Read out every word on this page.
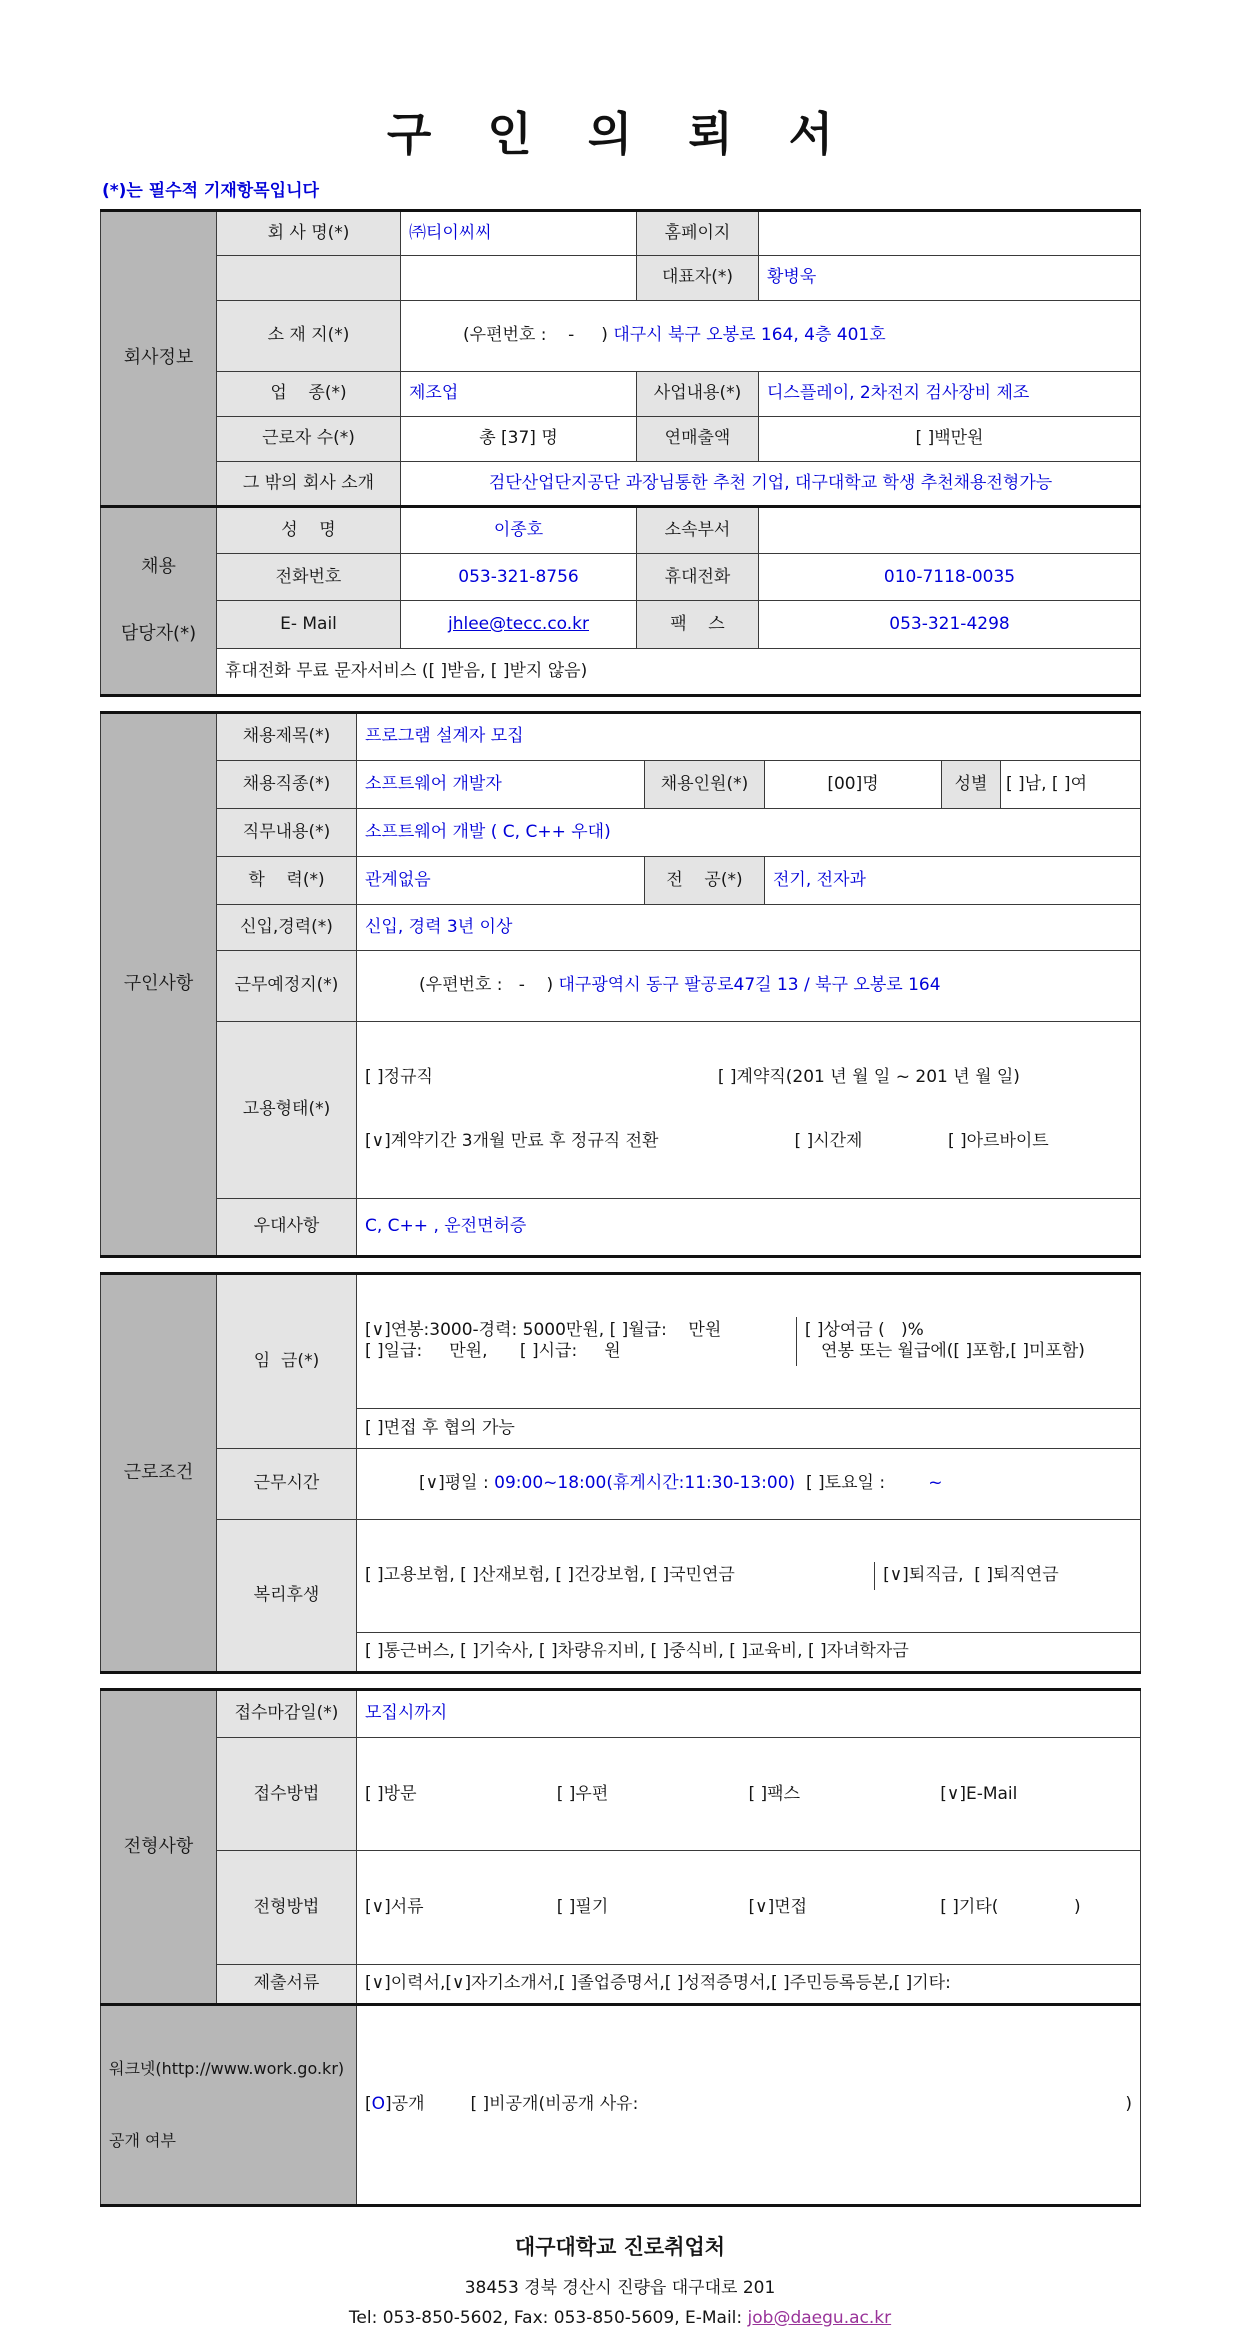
구 인 의 뢰 서
(*)는 필수적 기재항목입니다
회사정보	회 사 명(*)	㈜티이씨씨	홈페이지	
			대표자(*)	황병욱
	소 재 지(*)	(우편번호 :    -     ) 대구시 북구 오봉로 164, 4층 401호		

	업    종(*)	제조업	사업내용(*)	디스플레이, 2차전지 검사장비 제조
	근로자 수(*)	총 [37] 명	연매출액	[ ]백만원
	그 밖의 회사 소개	검단산업단지공단 과장님통한 추천 기업, 대구대학교 학생 추천채용전형가능		

채용

담당자(*)	성    명	이종호	소속부서	
	전화번호	053-321-8756	휴대전화	010-7118-0035
	E- Mail	jhlee@tecc.co.kr	팩    스	053-321-4298
	휴대전화 무료 문자서비스 ([ ]받음, [ ]받지 않음)			
구인사항	채용제목(*)	프로그램 설계자 모집				
	채용직종(*)	소프트웨어 개발자	채용인원(*)	[00]명	성별	[ ]남, [ ]여
	직무내용(*)	소프트웨어 개발 ( C, C++ 우대)				
	학    력(*)	관계없음	전    공(*)	전기, 전자과		
	신입,경력(*)	신입, 경력 3년 이상				
	근무예정지(*)	(우편번호 :   -    ) 대구광역시 동구 팔공로47길 13 / 북구 오봉로 164				

	고용형태(*)	[ ]정규직 [ ]계약직(201 년 월 일 ~ 201 년 월 일)

[∨]계약기간 3개월 만료 후 정규직 전환 [ ]시간제 [ ]아르바이트				

	우대사항	C, C++ , 운전면허증				
근로조건	임  금(*)	[∨]연봉:3000-경력: 5000만원, [ ]월급:    만원
[ ]일급:     만원,      [ ]시급:     원
[ ]상여금 (   )%
연봉 또는 월급에([ ]포함,[ ]미포함)

		[ ]면접 후 협의 가능
	근무시간	[∨]평일 : 09:00~18:00(휴게시간:11:30-13:00)  [ ]토요일 :        ~

	복리후생	[ ]고용보험, [ ]산재보험, [ ]건강보험, [ ]국민연금 [∨]퇴직금,  [ ]퇴직연금

		[ ]통근버스, [ ]기숙사, [ ]차량유지비, [ ]중식비, [ ]교육비, [ ]자녀학자금
전형사항	접수마감일(*)	모집시까지
	접수방법	[ ]방문 [ ]우편 [ ]팩스 [∨]E-Mail

	전형방법	[∨]서류 [ ]필기 [∨]면접 [ ]기타(              )

	제출서류	[∨]이력서,[∨]자기소개서,[ ]졸업증명서,[ ]성적증명서,[ ]주민등록등본,[ ]기타:

워크넷(http://www.work.go.kr)

공개 여부

[O]공개	[ ]비공개(비공개 사유:	)

대구대학교 진로취업처
38453 경북 경산시 진량읍 대구대로 201
Tel: 053-850-5602, Fax: 053-850-5609, E-Mail: job@daegu.ac.kr
